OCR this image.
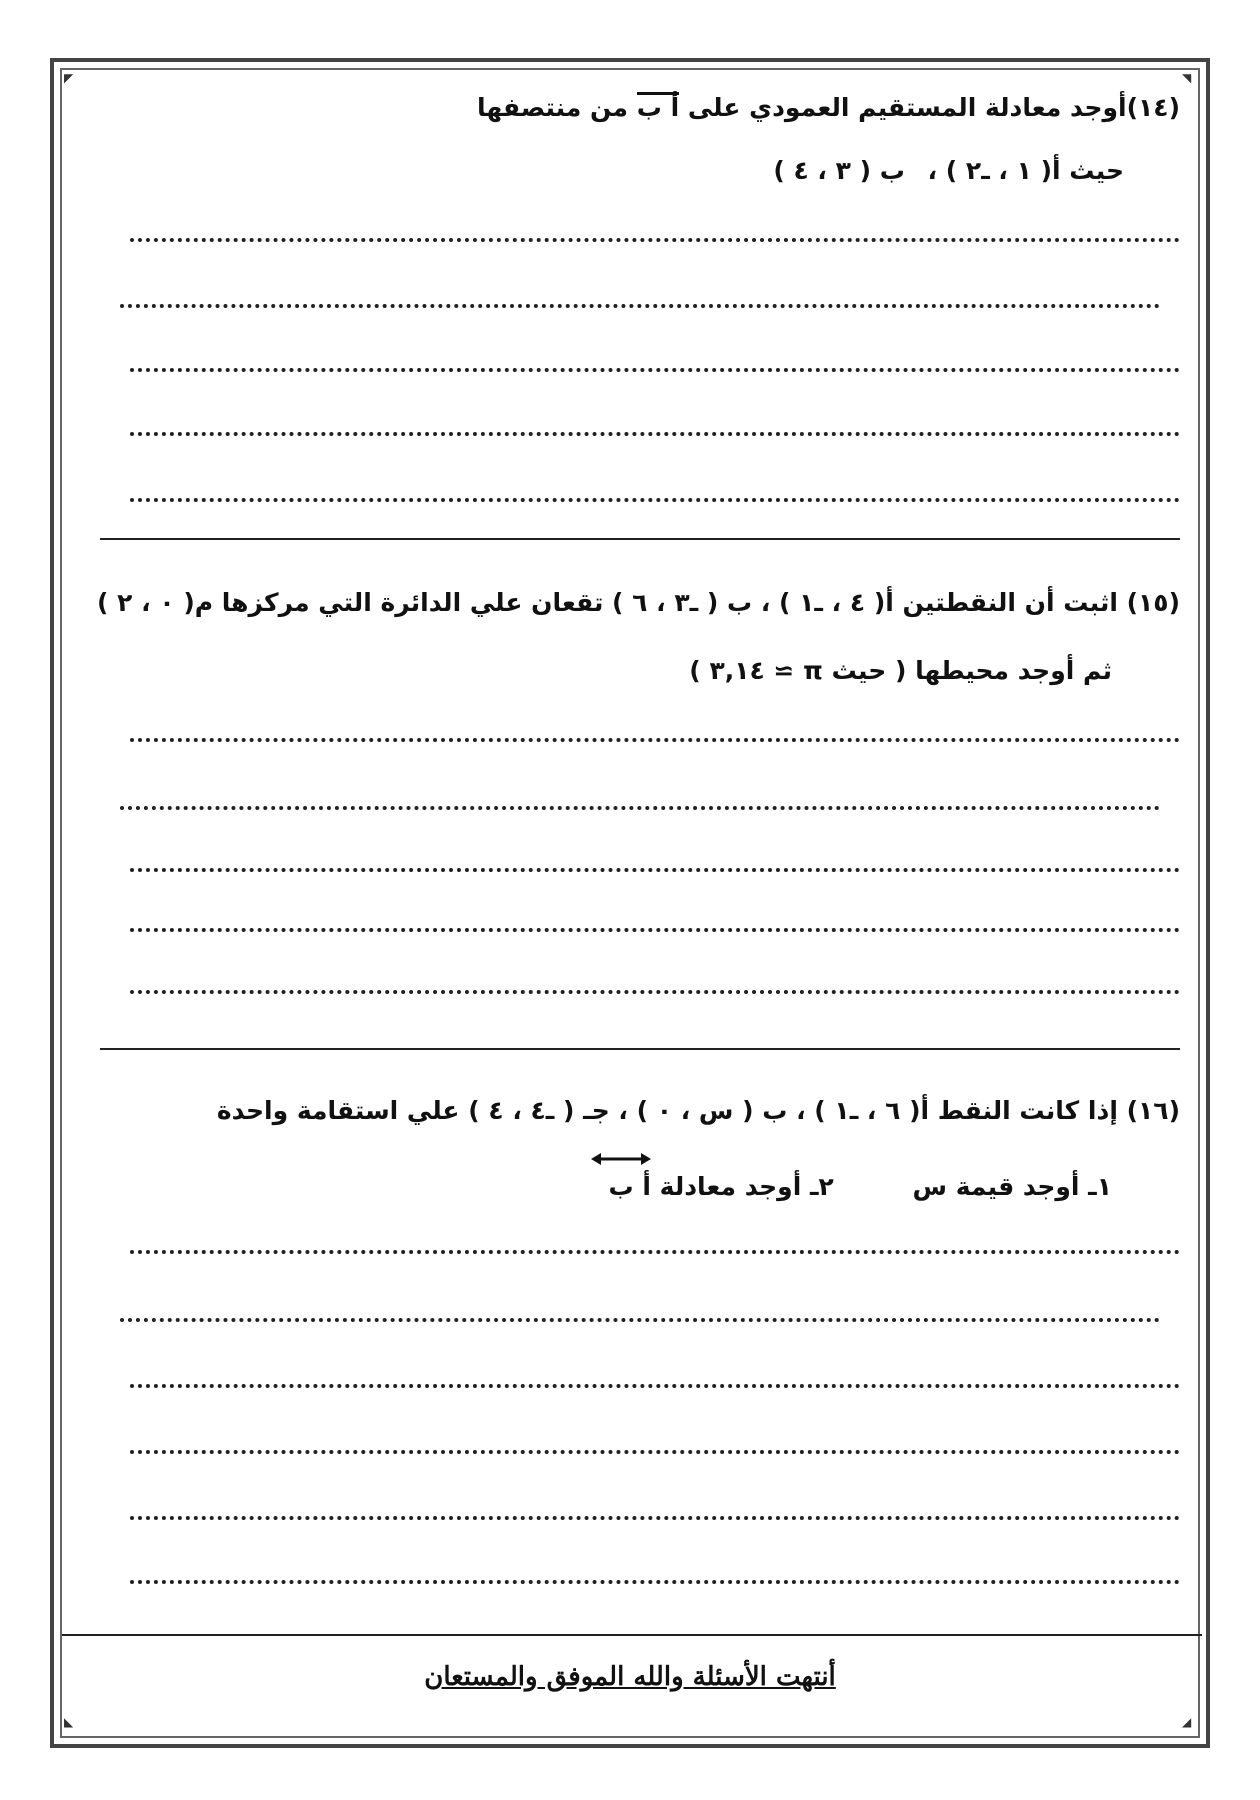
◤	◥
◣	◢
(١٤)أوجد معادلة المستقيم العمودي على أ ب من منتصفها
حيث أ( ١ ، ـ٢ ) ، ب ( ٣ ، ٤ )
(١٥) اثبت أن النقطتين أ( ٤ ، ـ١ ) ، ب ( ـ٣ ، ٦ ) تقعان علي الدائرة التي مركزها م( ٠ ، ٢ )
ثم أوجد محيطها ( حيث π ≃ ٣,١٤ )
(١٦) إذا كانت النقط أ( ٦ ، ـ١ ) ، ب ( س ، ٠ ) ، جـ ( ـ٤ ، ٤ ) علي استقامة واحدة
١ـ أوجد قيمة س ٢ـ أوجد معادلة
أ ب
أنتهت الأسئلة والله الموفق والمستعان
